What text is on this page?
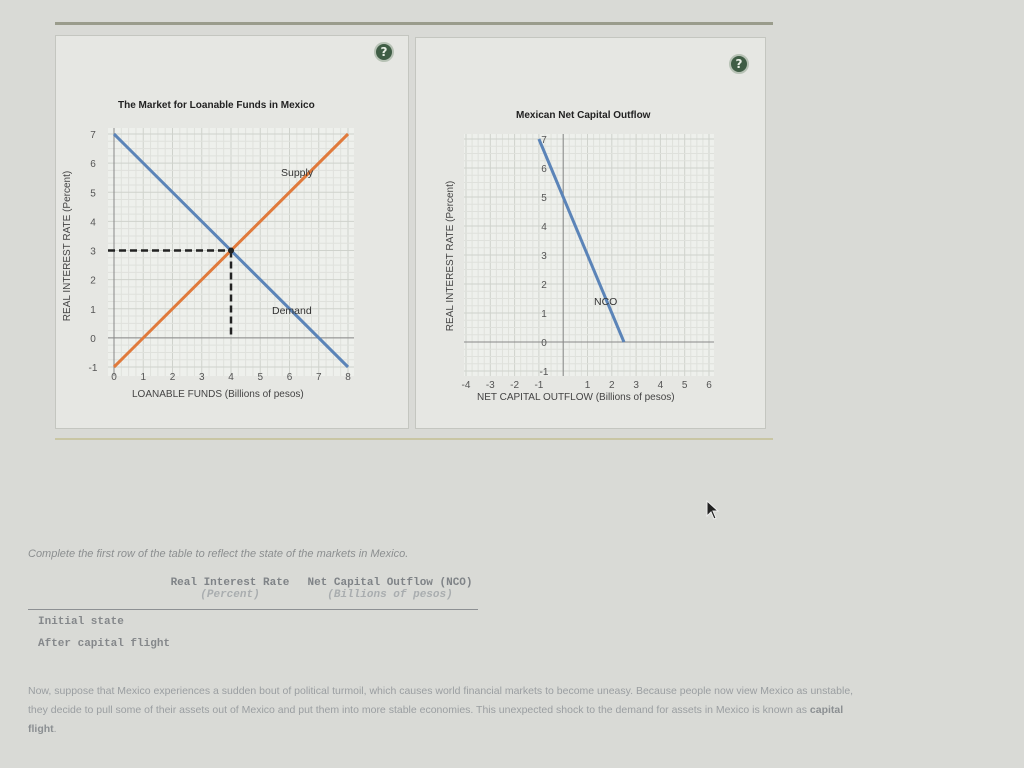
?
0 1 2 3 4 5 6 7 8
-1
0
1
2
3
4
5
6
7
Supply
Demand
The Market for Loanable Funds in Mexico
LOANABLE FUNDS (Billions of pesos)
REAL INTEREST RATE (Percent)
?
-4 -3 -2 -1	1 2 3 4 5 6
-1
0
1
2
3
4
5
6
7
NCO
Mexican Net Capital Outflow
NET CAPITAL OUTFLOW (Billions of pesos)
REAL INTEREST RATE (Percent)
Complete the first row of the table to reflect the state of the markets in Mexico.
Real Interest Rate
(Percent)
Net Capital Outflow (NCO)
(Billions of pesos)
Initial state
After capital flight
Now, suppose that Mexico experiences a sudden bout of political turmoil, which causes world financial markets to become uneasy. Because people now view Mexico as unstable, they decide to pull some of their assets out of Mexico and put them into more stable economies. This unexpected shock to the demand for assets in Mexico is known as capital flight.
